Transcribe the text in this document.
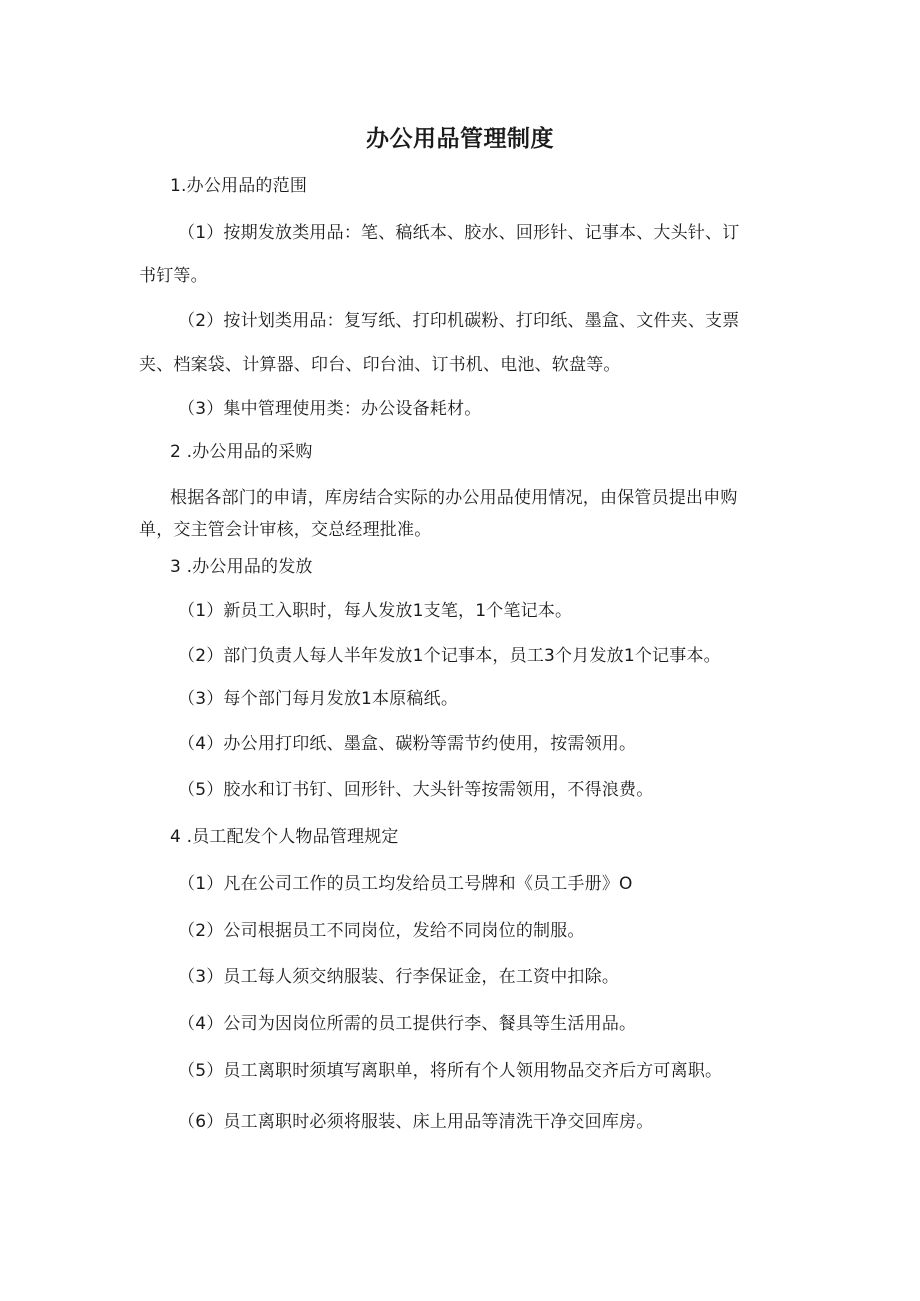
办公用品管理制度
1.办公用品的范围
（1）按期发放类用品：笔、稿纸本、胶水、回形针、记事本、大头针、订
书钉等。
（2）按计划类用品：复写纸、打印机碳粉、打印纸、墨盒、文件夹、支票
夹、档案袋、计算器、印台、印台油、订书机、电池、软盘等。
（3）集中管理使用类：办公设备耗材。
2 .办公用品的采购
根据各部门的申请，库房结合实际的办公用品使用情况，由保管员提出申购
单，交主管会计审核，交总经理批准。
3 .办公用品的发放
（1）新员工入职时，每人发放1支笔，1个笔记本。
（2）部门负责人每人半年发放1个记事本，员工3个月发放1个记事本。
（3）每个部门每月发放1本原稿纸。
（4）办公用打印纸、墨盒、碳粉等需节约使用，按需领用。
（5）胶水和订书钉、回形针、大头针等按需领用，不得浪费。
4 .员工配发个人物品管理规定
（1）凡在公司工作的员工均发给员工号牌和《员工手册》O
（2）公司根据员工不同岗位，发给不同岗位的制服。
（3）员工每人须交纳服装、行李保证金，在工资中扣除。
（4）公司为因岗位所需的员工提供行李、餐具等生活用品。
（5）员工离职时须填写离职单，将所有个人领用物品交齐后方可离职。
（6）员工离职时必须将服装、床上用品等清洗干净交回库房。
